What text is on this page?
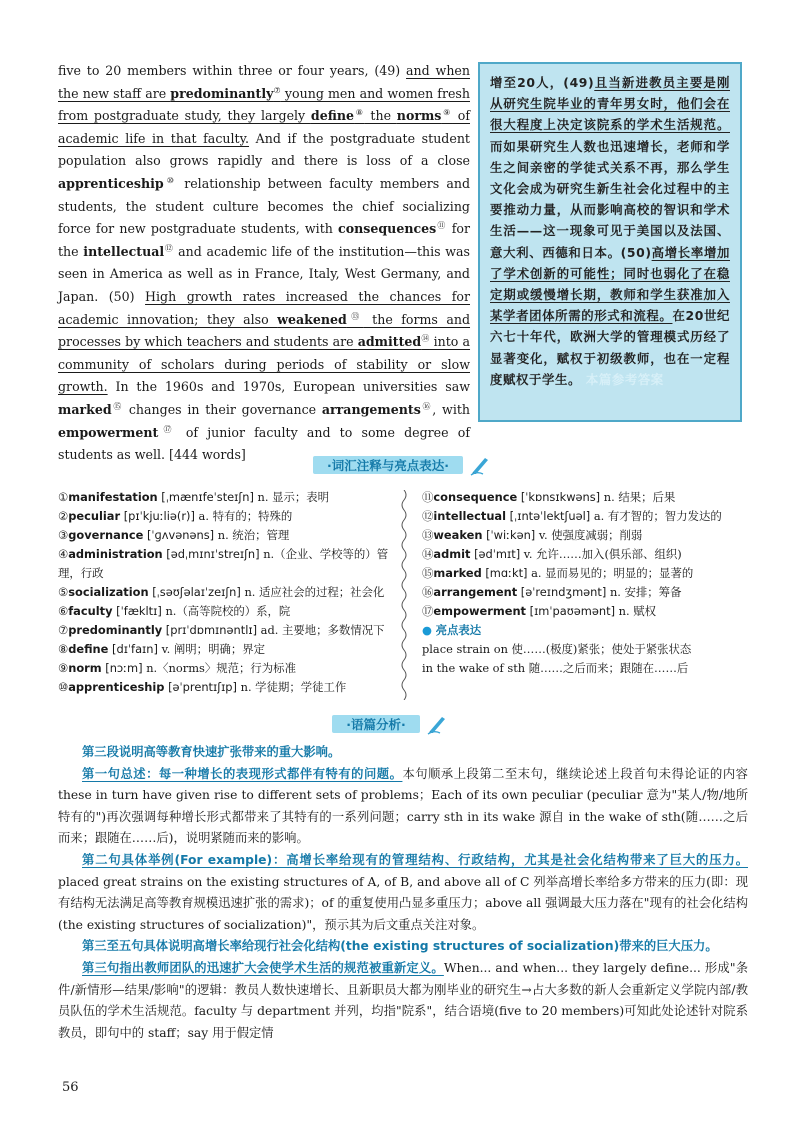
five to 20 members within three or four years, (49) and when the new staff are predominantly⑦ young men and women fresh from postgraduate study, they largely define⑧ the norms⑨ of academic life in that faculty. And if the postgraduate student population also grows rapidly and there is loss of a close apprenticeship⑩ relationship between faculty members and students, the student culture becomes the chief socializing force for new postgraduate students, with consequences⑪ for the intellectual⑫ and academic life of the institution—this was seen in America as well as in France, Italy, West Germany, and Japan. (50) High growth rates increased the chances for academic innovation; they also weakened⑬ the forms and processes by which teachers and students are admitted⑭ into a community of scholars during periods of stability or slow growth. In the 1960s and 1970s, European universities saw marked⑮ changes in their governance arrangements⑯, with empowerment⑰ of junior faculty and to some degree of students as well. [444 words]

增至20人，(49)且当新进教员主要是刚从研究生院毕业的青年男女时，他们会在很大程度上决定该院系的学术生活规范。而如果研究生人数也迅速增长，老师和学生之间亲密的学徒式关系不再，那么学生文化会成为研究生新生社会化过程中的主要推动力量，从而影响高校的智识和学术生活——这一现象可见于美国以及法国、意大利、西德和日本。(50)高增长率增加了学术创新的可能性；同时也弱化了在稳定期或缓慢增长期，教师和学生获准加入某学者团体所需的形式和流程。在20世纪六七十年代，欧洲大学的管理模式历经了显著变化，赋权于初级教师，也在一定程度赋权于学生。 本篇参考答案
·词汇注释与亮点表达·
①manifestation [ˌmænɪfeˈsteɪʃn] n. 显示；表明
②peculiar [pɪˈkjuːliə(r)] a. 特有的；特殊的
③governance [ˈɡʌvənəns] n. 统治；管理
④administration [ədˌmɪnɪˈstreɪʃn] n.（企业、学校等的）管理，行政
⑤socialization [ˌsəʊʃəlaɪˈzeɪʃn] n. 适应社会的过程；社会化
⑥faculty [ˈfækltɪ] n.（高等院校的）系，院
⑦predominantly [prɪˈdɒmɪnəntlɪ] ad. 主要地；多数情况下
⑧define [dɪˈfaɪn] v. 阐明；明确；界定
⑨norm [nɔːm] n.〈norms〉规范；行为标准
⑩apprenticeship [əˈprentɪʃɪp] n. 学徒期；学徒工作
⑪consequence [ˈkɒnsɪkwəns] n. 结果；后果
⑫intellectual [ˌɪntəˈlektʃuəl] a. 有才智的；智力发达的
⑬weaken [ˈwiːkən] v. 使强度减弱；削弱
⑭admit [ədˈmɪt] v. 允许……加入(俱乐部、组织)
⑮marked [mɑːkt] a. 显而易见的；明显的；显著的
⑯arrangement [əˈreɪndʒmənt] n. 安排；筹备
⑰empowerment [ɪmˈpaʊəmənt] n. 赋权
● 亮点表达
place strain on 使……(极度)紧张；使处于紧张状态
in the wake of sth 随……之后而来；跟随在……后
·语篇分析·

第三段说明高等教育快速扩张带来的重大影响。

第一句总述：每一种增长的表现形式都伴有特有的问题。本句顺承上段第二至末句，继续论述上段首句未得论证的内容 these in turn have given rise to different sets of problems；Each of its own peculiar (peculiar 意为"某人/物/地所特有的")再次强调每种增长形式都带来了其特有的一系列问题；carry sth in its wake 源自 in the wake of sth(随……之后而来；跟随在……后)，说明紧随而来的影响。

第二句具体举例(For example)：高增长率给现有的管理结构、行政结构，尤其是社会化结构带来了巨大的压力。placed great strains on the existing structures of A, of B, and above all of C 列举高增长率给多方带来的压力(即：现有结构无法满足高等教育规模迅速扩张的需求)；of 的重复使用凸显多重压力；above all 强调最大压力落在"现有的社会化结构(the existing structures of socialization)"，预示其为后文重点关注对象。

第三至五句具体说明高增长率给现行社会化结构(the existing structures of socialization)带来的巨大压力。

第三句指出教师团队的迅速扩大会使学术生活的规范被重新定义。When... and when... they largely define... 形成"条件/新情形—结果/影响"的逻辑：教员人数快速增长、且新职员大都为刚毕业的研究生→占大多数的新人会重新定义学院内部/教员队伍的学术生活规范。faculty 与 department 并列，均指"院系"，结合语境(five to 20 members)可知此处论述针对院系教员，即句中的 staff；say 用于假定情

56
